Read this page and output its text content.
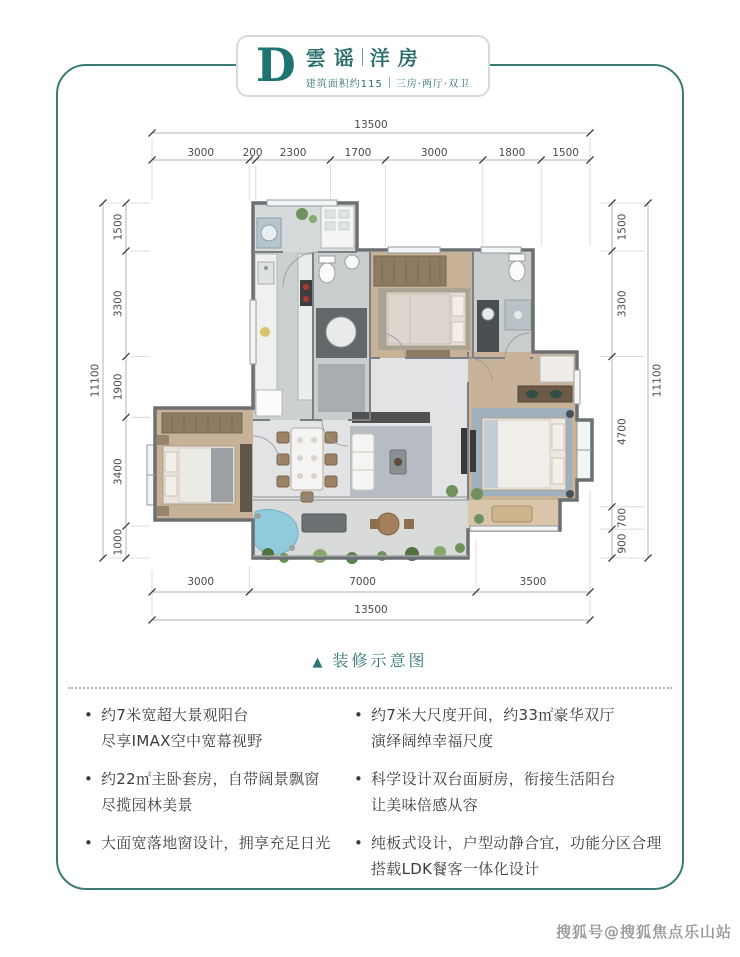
D 雲谣 洋房
建筑面积约115 三房·两厅·双卫
13500
3000	200 2300	1700	3000	1800	1500
3000	7000	3500
13500
1500
3300
1900
3400
1000
11100
1500
3300
4700
700
900
11100
▲ 装修示意图
• 约7米宽超大景观阳台
尽享IMAX空中宽幕视野
• 约22㎡主卧套房，自带阔景飘窗
尽揽园林美景
• 大面宽落地窗设计，拥享充足日光
• 约7米大尺度开间，约33㎡豪华双厅
演绎阔绰幸福尺度
• 科学设计双台面厨房，衔接生活阳台
让美味倍感从容
• 纯板式设计，户型动静合宜，功能分区合理
搭载LDK餐客一体化设计
搜狐号@搜狐焦点乐山站
